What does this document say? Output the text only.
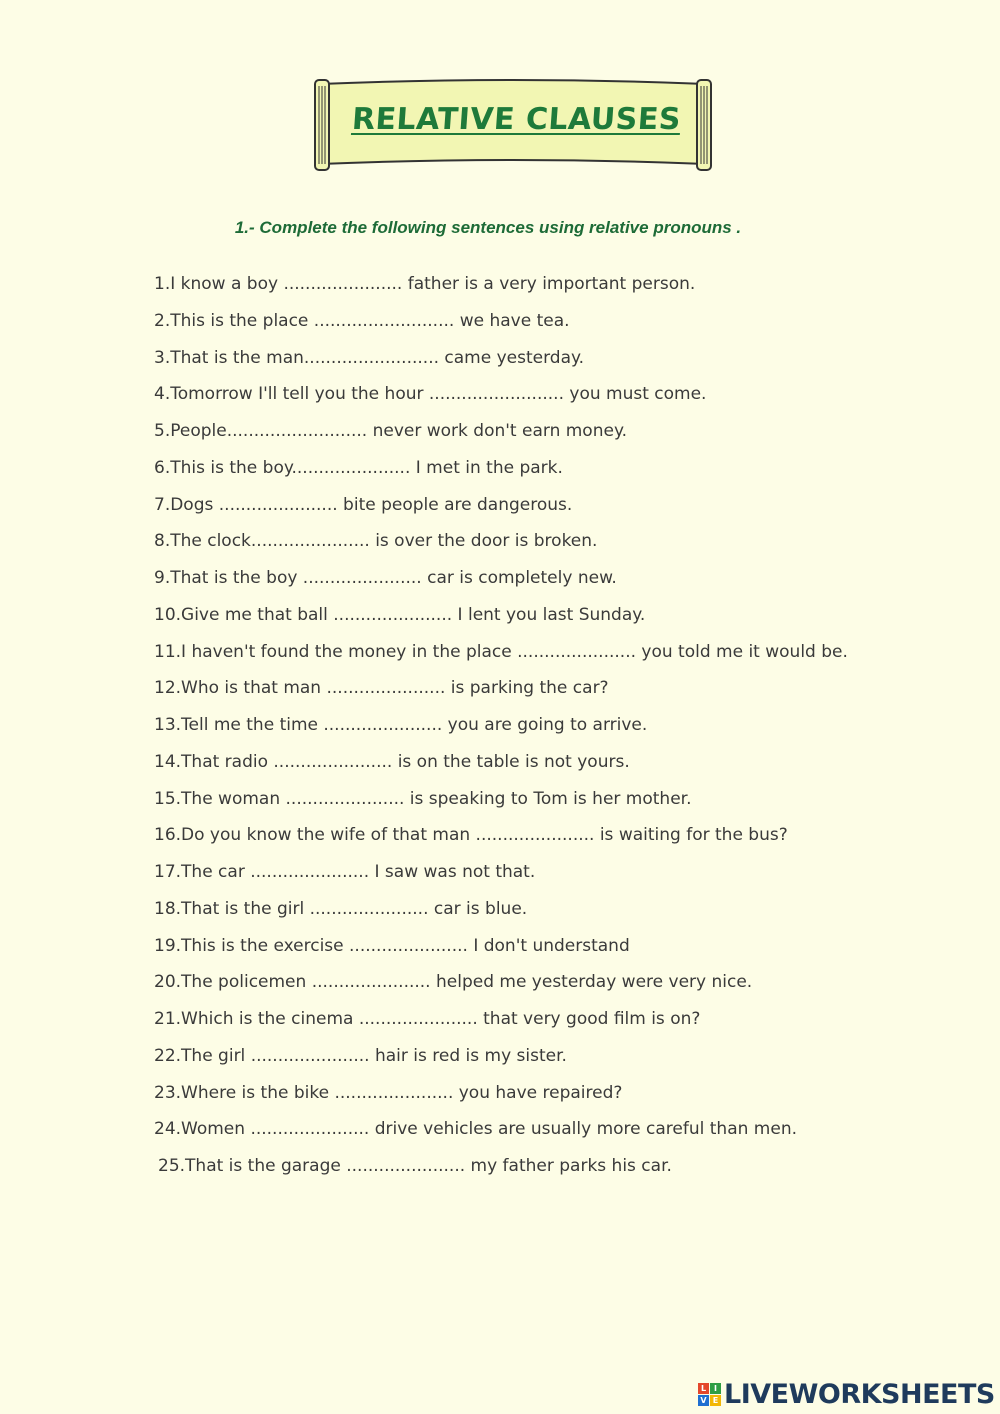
RELATIVE CLAUSES
1.- Complete the following sentences using relative pronouns .
1.I know a boy ...................... father is a very important person.
2.This is the place .......................... we have tea.
3.That is the man......................... came yesterday.
4.Tomorrow I'll tell you the hour ......................... you must come.
5.People.......................... never work don't earn money.
6.This is the boy...................... I met in the park.
7.Dogs ...................... bite people are dangerous.
8.The clock...................... is over the door is broken.
9.That is the boy ...................... car is completely new.
10.Give me that ball ...................... I lent you last Sunday.
11.I haven't found the money in the place ...................... you told me it would be.
12.Who is that man ...................... is parking the car?
13.Tell me the time ...................... you are going to arrive.
14.That radio ...................... is on the table is not yours.
15.The woman ...................... is speaking to Tom is her mother.
16.Do you know the wife of that man ...................... is waiting for the bus?
17.The car ...................... I saw was not that.
18.That is the girl ...................... car is blue.
19.This is the exercise ...................... I don't understand
20.The policemen ...................... helped me yesterday were very nice.
21.Which is the cinema ...................... that very good film is on?
22.The girl ...................... hair is red is my sister.
23.Where is the bike ...................... you have repaired?
24.Women ...................... drive vehicles are usually more careful than men.
25.That is the garage ...................... my father parks his car.
L I
V E LIVEWORKSHEETS
